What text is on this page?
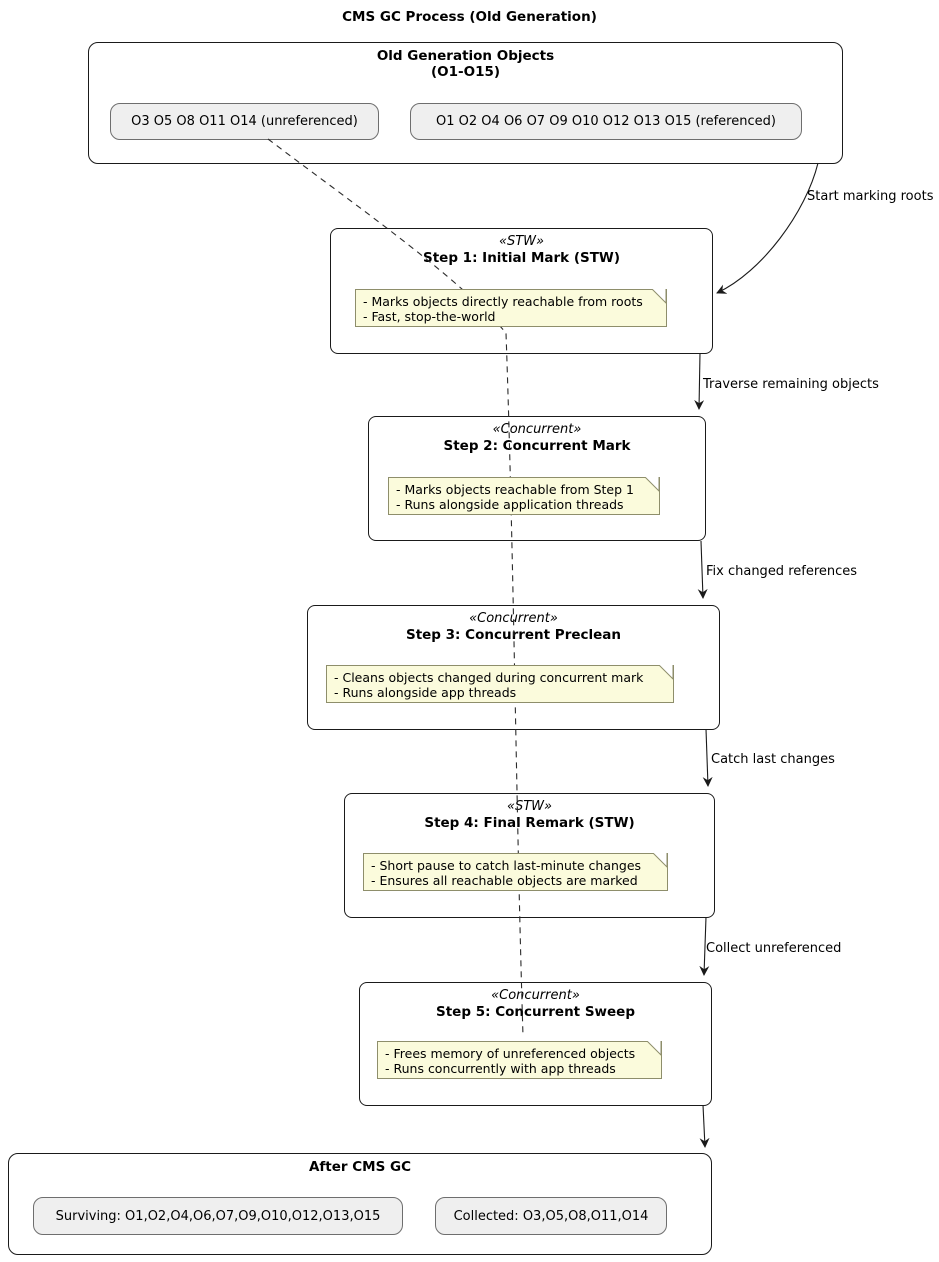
CMS GC Process (Old Generation)
Old Generation Objects
(O1-O15)
O3 O5 O8 O11 O14 (unreferenced)	O1 O2 O4 O6 O7 O9 O10 O12 O13 O15 (referenced)
«STW»
Step 1: Initial Mark (STW)
«Concurrent»
Step 2: Concurrent Mark
«Concurrent»
Step 3: Concurrent Preclean
«STW»
Step 4: Final Remark (STW)
«Concurrent»
Step 5: Concurrent Sweep
After CMS GC
Surviving: O1,O2,O4,O6,O7,O9,O10,O12,O13,O15	Collected: O3,O5,O8,O11,O14
Start marking roots
Traverse remaining objects
Fix changed references
Catch last changes
Collect unreferenced
- Marks objects directly reachable from roots
- Fast, stop-the-world
- Marks objects reachable from Step 1
- Runs alongside application threads
- Cleans objects changed during concurrent mark
- Runs alongside app threads
- Short pause to catch last-minute changes
- Ensures all reachable objects are marked
- Frees memory of unreferenced objects
- Runs concurrently with app threads
